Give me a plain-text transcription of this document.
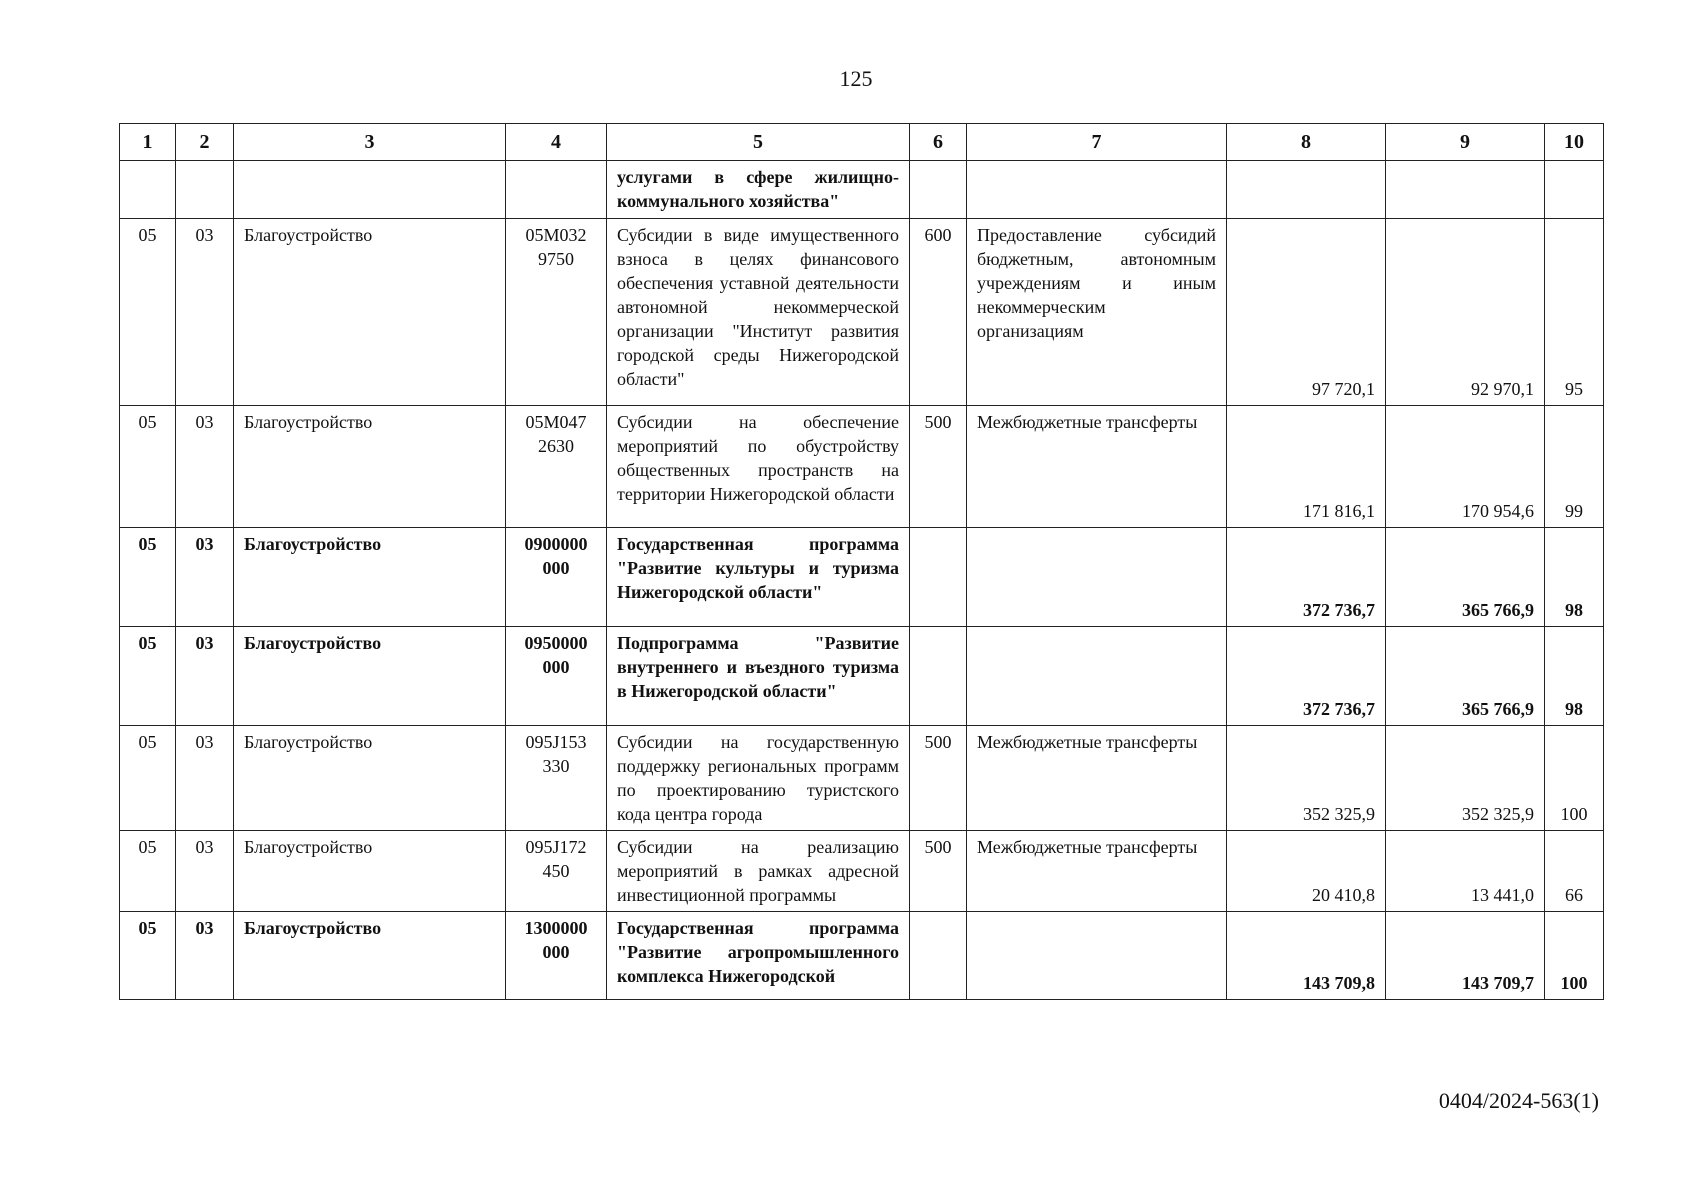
125
1	2	3	4	5	6	7	8	9	10
				услугами в сфере жилищно-коммунального хозяйства"					
05	03	Благоустройство	05М032 9750	Субсидии в виде имущественного взноса в целях финансового обеспечения уставной деятельности автономной некоммерческой организации "Институт развития городской среды Нижегородской области"	600	Предоставление субсидий бюджетным, автономным учреждениям и иным некоммерческим организациям	97 720,1	92 970,1	95
05	03	Благоустройство	05М047 2630	Субсидии на обеспечение мероприятий по обустройству общественных пространств на территории Нижегородской области	500	Межбюджетные трансферты	171 816,1	170 954,6	99
05	03	Благоустройство	0900000 000	Государственная программа "Развитие культуры и туризма Нижегородской области"			372 736,7	365 766,9	98
05	03	Благоустройство	0950000 000	Подпрограмма "Развитие внутреннего и въездного туризма в Нижегородской области"			372 736,7	365 766,9	98
05	03	Благоустройство	095J153 330	Субсидии на государственную поддержку региональных программ по проектированию туристского кода центра города	500	Межбюджетные трансферты	352 325,9	352 325,9	100
05	03	Благоустройство	095J172 450	Субсидии на реализацию мероприятий в рамках адресной инвестиционной программы	500	Межбюджетные трансферты	20 410,8	13 441,0	66
05	03	Благоустройство	1300000 000	Государственная программа "Развитие агропромышленного комплекса Нижегородской			143 709,8	143 709,7	100
0404/2024-563(1)
